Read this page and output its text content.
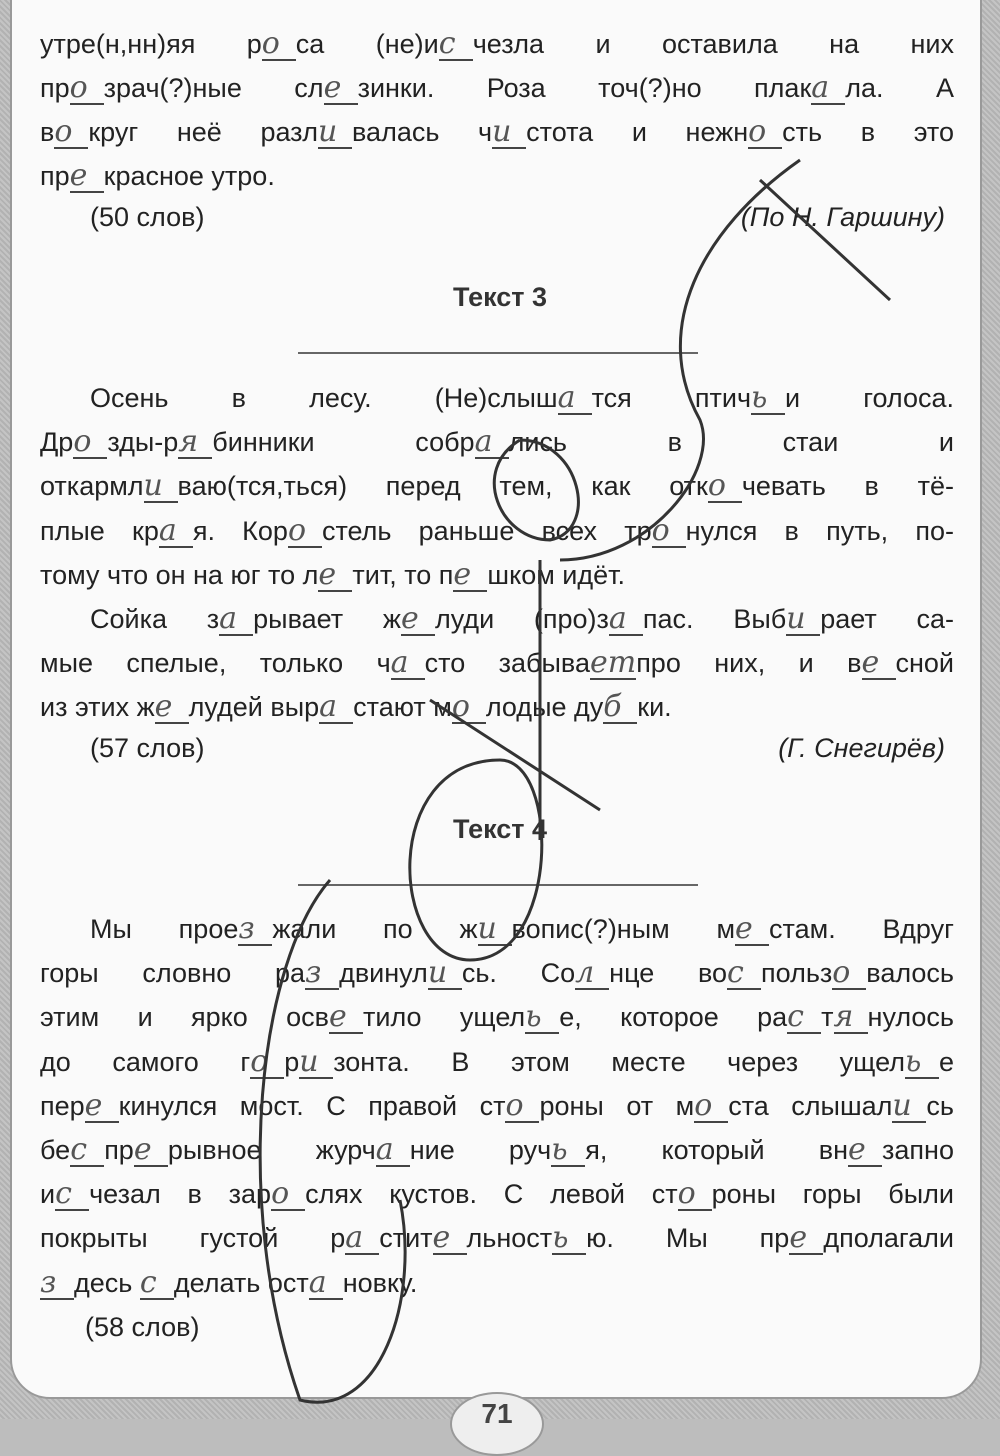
утре(н,нн)яя ро са (не)ис чезла и оставила на них
про зрач(?)ные сле зинки. Роза точ(?)но плака ла. А
во круг неё разли валась чи стота и нежно сть в это
пре красное утро.
(50 слов)	(По Н. Гаршину)
Текст 3
Осень в лесу. (Не)слыша тся птичь и голоса.
Дро зды-ря бинники собра лись в стаи и
откармли ваю(тся,ться) перед тем, как отко чевать в тё-
плые кра я. Коро стель раньше всех тро нулся в путь, по-
тому что он на юг то ле тит, то пе шком идёт.
Сойка за рывает же луди (про)за пас. Выби рает са-
мые спелые, только ча сто забываетпро них, и ве сной
из этих же лудей выра стают мо лодые дуб ки.
(57 слов)	(Г. Снегирёв)
Текст 4
Мы проез жали по жи вопис(?)ным ме стам. Вдруг
горы словно раз двинули сь. Сол нце вос пользо валось
этим и ярко осве тило ущель е, которое рас тя нулось
до самого го ри зонта. В этом месте через ущель е
пере кинулся мост. С правой сто роны от мо ста слышали сь
бес пре рывное журча ние ручь я, который вне запно
ис чезал в заро слях кустов. С левой сто роны горы были
покрыты густой ра стите льность ю. Мы пре дполагали
з десь с делать оста новку.
(58 слов)
71
